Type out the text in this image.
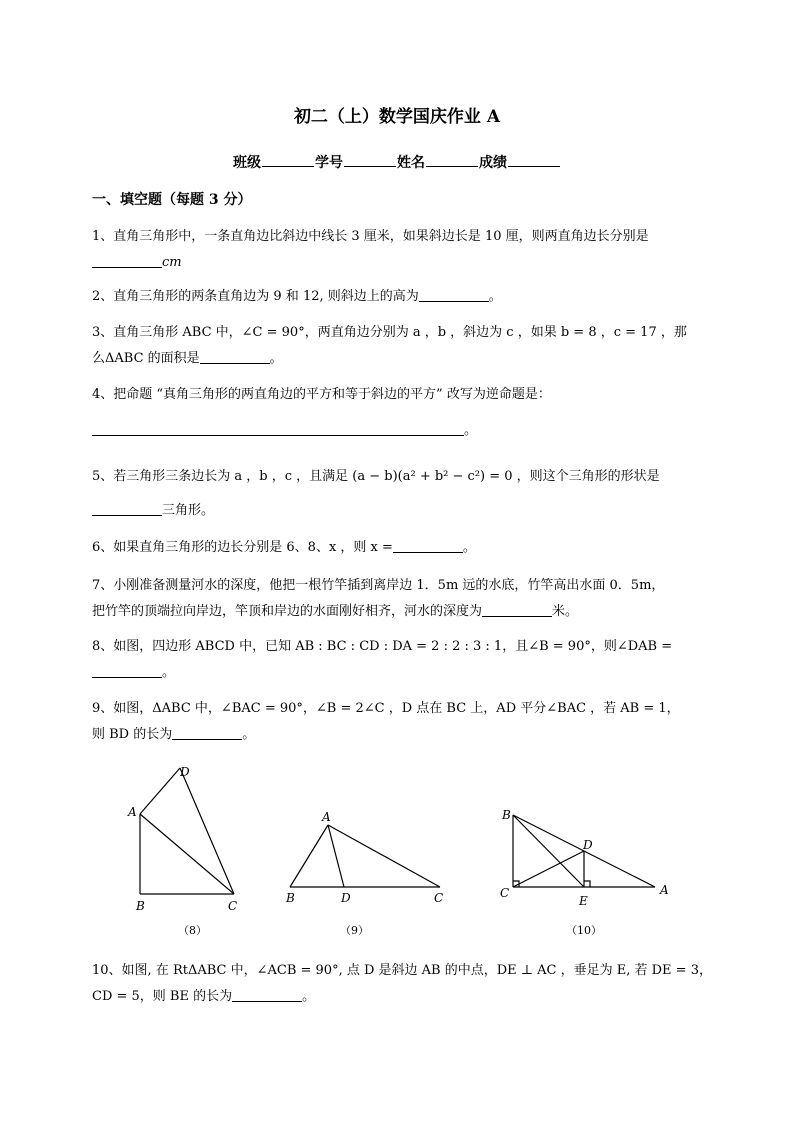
初二（上）数学国庆作业 A
班级	学号	姓名	成绩
一、填空题（每题 3 分）
1、直角三角形中，一条直角边比斜边中线长 3 厘米，如果斜边长是 10 厘，则两直角边长分别是
cm
2、直角三角形的两条直角边为 9 和 12, 则斜边上的高为	。
3、直角三角形 ABC 中，∠C = 90°，两直角边分别为 a ，b ，斜边为 c ，如果 b = 8 ，c = 17 ，那
么ΔABC 的面积是	。
4、把命题 “真角三角形的两直角边的平方和等于斜边的平方” 改写为逆命题是：
。
5、若三角形三条边长为 a ，b ，c ，且满足 (a − b)(a² + b² − c²) = 0 ，则这个三角形的形状是
三角形。
6、如果直角三角形的边长分别是 6、8、x ，则 x =	。
7、小刚准备测量河水的深度，他把一根竹竿插到离岸边 1．5m 远的水底，竹竿高出水面 0．5m，
把竹竿的顶端拉向岸边，竿顶和岸边的水面刚好相齐，河水的深度为	米。
8、如图，四边形 ABCD 中，已知 AB : BC : CD : DA = 2 : 2 : 3 : 1，且∠B = 90°，则∠DAB =
。
9、如图，ΔABC 中，∠BAC = 90°，∠B = 2∠C ，D 点在 BC 上，AD 平分∠BAC ，若 AB = 1，
则 BD 的长为	。
A
B	C
D
（8）
A
B	C
D
（9）
B
C	A
D
E
（10）
10、如图, 在 RtΔABC 中，∠ACB = 90°, 点 D 是斜边 AB 的中点，DE ⊥ AC ，垂足为 E, 若 DE = 3，
CD = 5，则 BE 的长为	。
